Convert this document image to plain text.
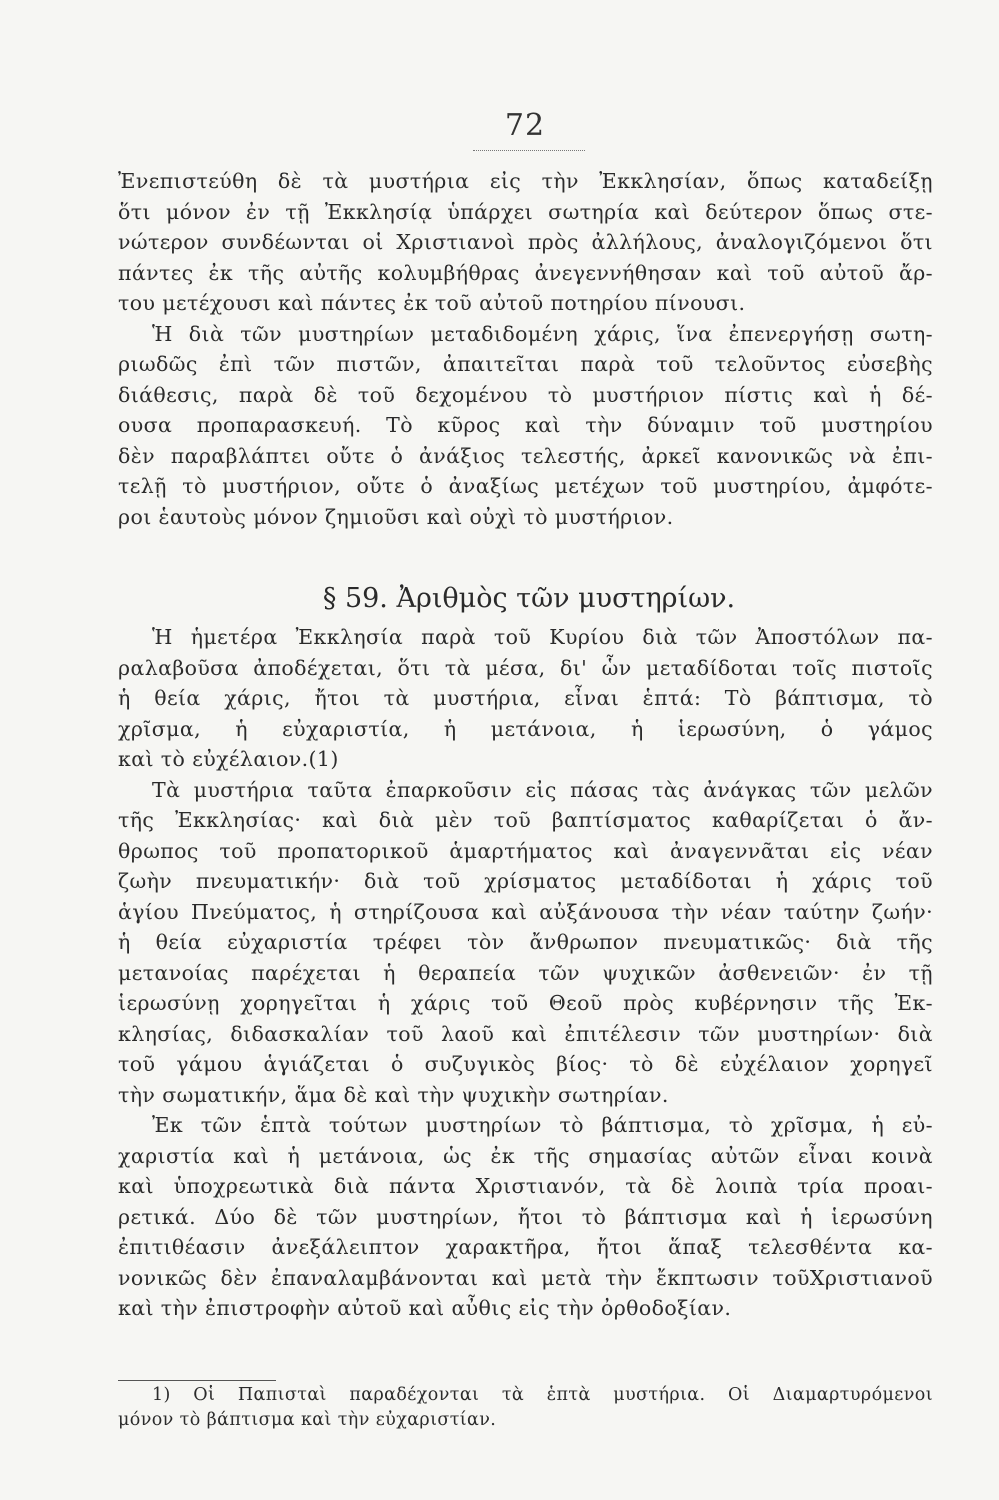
72
Ἐνεπιστεύθη δὲ τὰ μυστήρια εἰς τὴν Ἐκκλησίαν, ὅπως καταδείξῃ
ὅτι μόνον ἐν τῇ Ἐκκλησίᾳ ὑπάρχει σωτηρία καὶ δεύτερον ὅπως στε-
νώτερον συνδέωνται οἱ Χριστιανοὶ πρὸς ἀλλήλους, ἀναλογιζόμενοι ὅτι
πάντες ἐκ τῆς αὐτῆς κολυμβήθρας ἀνεγεννήθησαν καὶ τοῦ αὐτοῦ ἄρ-
του μετέχουσι καὶ πάντες ἐκ τοῦ αὐτοῦ ποτηρίου πίνουσι.
Ἡ διὰ τῶν μυστηρίων μεταδιδομένη χάρις, ἵνα ἐπενεργήσῃ σωτη-
ριωδῶς ἐπὶ τῶν πιστῶν, ἀπαιτεῖται παρὰ τοῦ τελοῦντος εὐσεβὴς
διάθεσις, παρὰ δὲ τοῦ δεχομένου τὸ μυστήριον πίστις καὶ ἡ δέ-
ουσα προπαρασκευή. Τὸ κῦρος καὶ τὴν δύναμιν τοῦ μυστηρίου
δὲν παραβλάπτει οὔτε ὁ ἀνάξιος τελεστής, ἀρκεῖ κανονικῶς νὰ ἐπι-
τελῇ τὸ μυστήριον, οὔτε ὁ ἀναξίως μετέχων τοῦ μυστηρίου, ἀμφότε-
ροι ἑαυτοὺς μόνον ζημιοῦσι καὶ οὐχὶ τὸ μυστήριον.
§ 59. Ἀριθμὸς τῶν μυστηρίων.
Ἡ ἡμετέρα Ἐκκλησία παρὰ τοῦ Κυρίου διὰ τῶν Ἀποστόλων πα-
ραλαβοῦσα ἀποδέχεται, ὅτι τὰ μέσα, δι' ὧν μεταδίδοται τοῖς πιστοῖς
ἡ θεία χάρις, ἤτοι τὰ μυστήρια, εἶναι ἑπτά: Τὸ βάπτισμα, τὸ
χρῖσμα, ἡ εὐχαριστία, ἡ μετάνοια, ἡ ἱερωσύνη, ὁ γάμος
καὶ τὸ εὐχέλαιον.(1)
Τὰ μυστήρια ταῦτα ἐπαρκοῦσιν εἰς πάσας τὰς ἀνάγκας τῶν μελῶν
τῆς Ἐκκλησίας· καὶ διὰ μὲν τοῦ βαπτίσματος καθαρίζεται ὁ ἄν-
θρωπος τοῦ προπατορικοῦ ἁμαρτήματος καὶ ἀναγεννᾶται εἰς νέαν
ζωὴν πνευματικήν· διὰ τοῦ χρίσματος μεταδίδοται ἡ χάρις τοῦ
ἁγίου Πνεύματος, ἡ στηρίζουσα καὶ αὐξάνουσα τὴν νέαν ταύτην ζωήν·
ἡ θεία εὐχαριστία τρέφει τὸν ἄνθρωπον πνευματικῶς· διὰ τῆς
μετανοίας παρέχεται ἡ θεραπεία τῶν ψυχικῶν ἀσθενειῶν· ἐν τῇ
ἱερωσύνῃ χορηγεῖται ἡ χάρις τοῦ Θεοῦ πρὸς κυβέρνησιν τῆς Ἐκ-
κλησίας, διδασκαλίαν τοῦ λαοῦ καὶ ἐπιτέλεσιν τῶν μυστηρίων· διὰ
τοῦ γάμου ἁγιάζεται ὁ συζυγικὸς βίος· τὸ δὲ εὐχέλαιον χορηγεῖ
τὴν σωματικήν, ἅμα δὲ καὶ τὴν ψυχικὴν σωτηρίαν.
Ἐκ τῶν ἑπτὰ τούτων μυστηρίων τὸ βάπτισμα, τὸ χρῖσμα, ἡ εὐ-
χαριστία καὶ ἡ μετάνοια, ὡς ἐκ τῆς σημασίας αὐτῶν εἶναι κοινὰ
καὶ ὑποχρεωτικὰ διὰ πάντα Χριστιανόν, τὰ δὲ λοιπὰ τρία προαι-
ρετικά. Δύο δὲ τῶν μυστηρίων, ἤτοι τὸ βάπτισμα καὶ ἡ ἱερωσύνη
ἐπιτιθέασιν ἀνεξάλειπτον χαρακτῆρα, ἤτοι ἅπαξ τελεσθέντα κα-
νονικῶς δὲν ἐπαναλαμβάνονται καὶ μετὰ τὴν ἔκπτωσιν τοῦΧριστιανοῦ
καὶ τὴν ἐπιστροφὴν αὐτοῦ καὶ αὖθις εἰς τὴν ὀρθοδοξίαν.
1) Οἱ Παπισταὶ παραδέχονται τὰ ἑπτὰ μυστήρια. Οἱ Διαμαρτυρόμενοι
μόνον τὸ βάπτισμα καὶ τὴν εὐχαριστίαν.
